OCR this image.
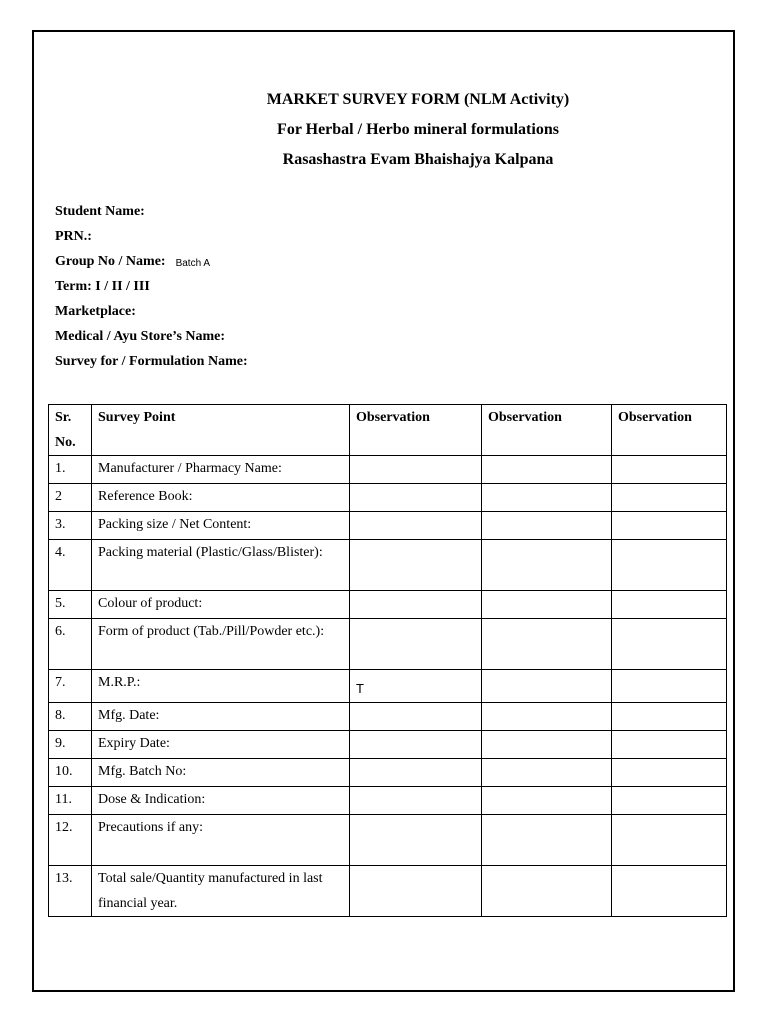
MARKET SURVEY FORM (NLM Activity)
For Herbal / Herbo mineral formulations
Rasashastra Evam Bhaishajya Kalpana
Student Name:
PRN.:
Group No / Name: Batch A
Term: I / II / III
Marketplace:
Medical / Ayu Store’s Name:
Survey for / Formulation Name:
Sr. No.	Survey Point	Observation	Observation	Observation
1.	Manufacturer / Pharmacy Name:			
2	Reference Book:			
3.	Packing size / Net Content:			
4.	Packing material (Plastic/Glass/Blister):			
5.	Colour of product:			
6.	Form of product (Tab./Pill/Powder etc.):			
7.	M.R.P.:	T		
8.	Mfg. Date:			
9.	Expiry Date:			
10.	Mfg. Batch No:			
11.	Dose & Indication:			
12.	Precautions if any:			
13.	Total sale/Quantity manufactured in last financial year.			
